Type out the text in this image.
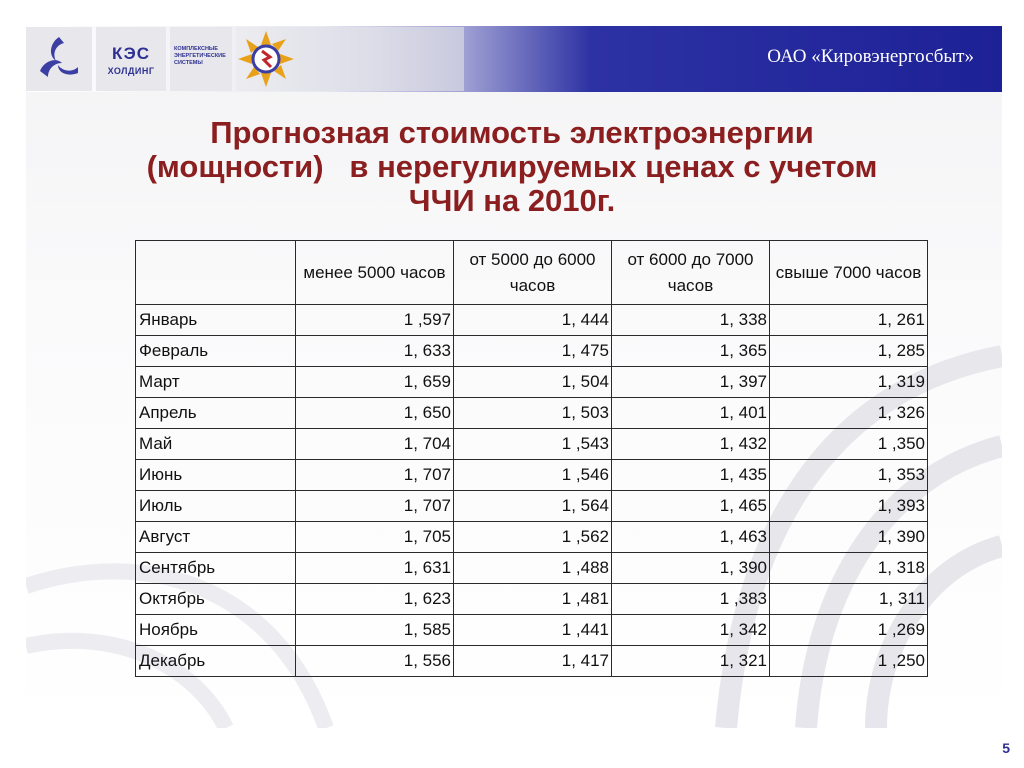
КЭС
ХОЛДИНГ
КОМПЛЕКСНЫЕ
ЭНЕРГЕТИЧЕСКИЕ
СИСТЕМЫ	ОАО «Кировэнергосбыт»
Прогнозная стоимость электроэнергии
(мощности)   в нерегулируемых ценах с учетом
ЧЧИ на 2010г.
	менее 5000 часов	от 5000 до 6000 часов	от 6000 до 7000 часов	свыше 7000 часов
Январь	1 ,597	1, 444	1, 338	1, 261
Февраль	1, 633	1, 475	1, 365	1, 285
Март	1, 659	1, 504	1, 397	1, 319
Апрель	1, 650	1, 503	1, 401	1, 326
Май	1, 704	1 ,543	1, 432	1 ,350
Июнь	1, 707	1 ,546	1, 435	1, 353
Июль	1, 707	1, 564	1, 465	1, 393
Август	1, 705	1 ,562	1, 463	1, 390
Сентябрь	1, 631	1 ,488	1, 390	1, 318
Октябрь	1, 623	1 ,481	1 ,383	1, 311
Ноябрь	1, 585	1 ,441	1, 342	1 ,269
Декабрь	1, 556	1, 417	1, 321	1 ,250
5
